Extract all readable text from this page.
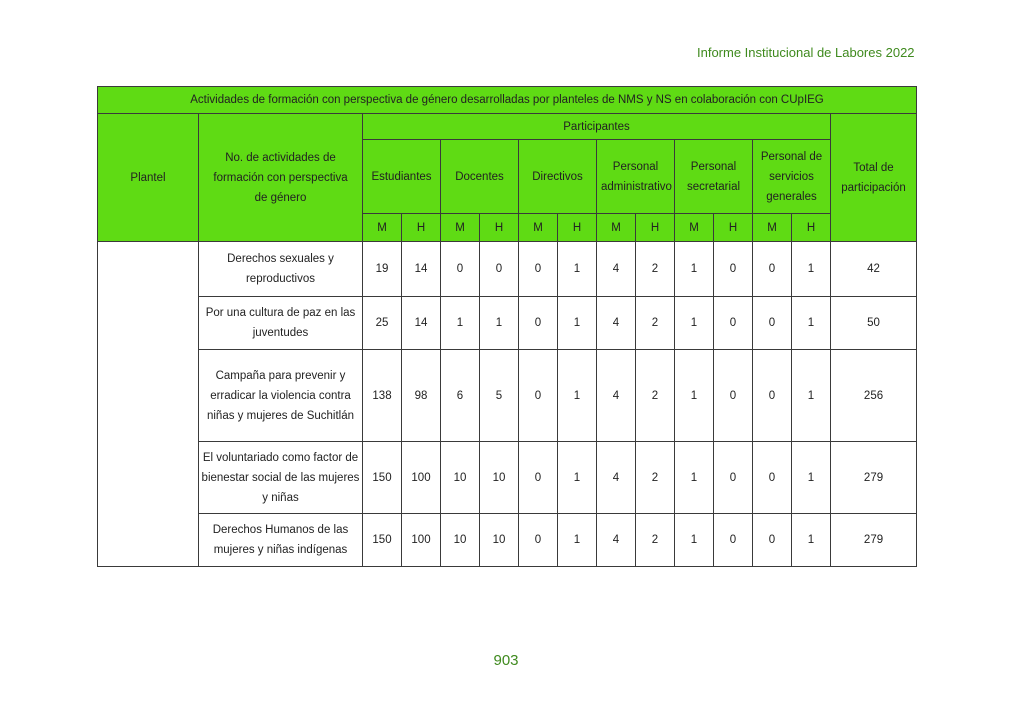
Informe Institucional de Labores 2022
Actividades de formación con perspectiva de género desarrolladas por planteles de NMS y NS en colaboración con CUpIEG														
Plantel	No. de actividades de formación con perspectiva de género	Participantes												Total de participación
		Estudiantes		Docentes		Directivos		Personal administrativo		Personal secretarial		Personal de servicios generales		
		M	H	M	H	M	H	M	H	M	H	M	H	
	Derechos sexuales y reproductivos	19	14	0	0	0	1	4	2	1	0	0	1	42
	Por una cultura de paz en las juventudes	25	14	1	1	0	1	4	2	1	0	0	1	50
	Campaña para prevenir y erradicar la violencia contra niñas y mujeres de Suchitlán	138	98	6	5	0	1	4	2	1	0	0	1	256
	El voluntariado como factor de bienestar social de las mujeres y niñas	150	100	10	10	0	1	4	2	1	0	0	1	279
	Derechos Humanos de las mujeres y niñas indígenas	150	100	10	10	0	1	4	2	1	0	0	1	279
903
